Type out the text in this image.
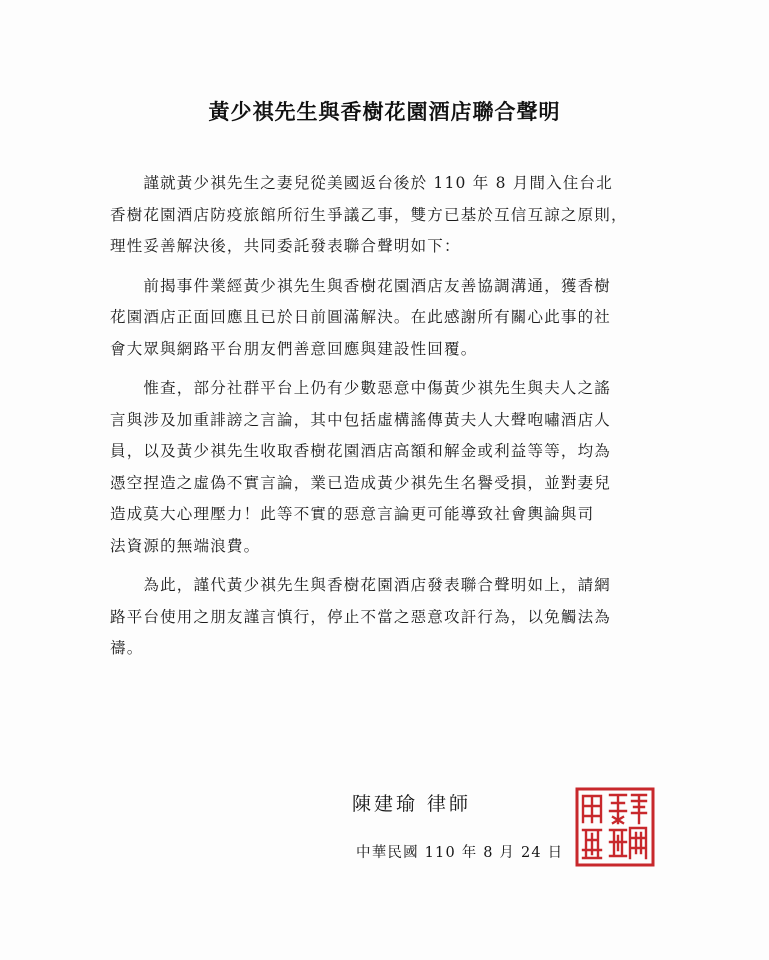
黃少祺先生與香樹花園酒店聯合聲明

　　謹就黃少祺先生之妻兒從美國返台後於 110 年 8 月間入住台北
香樹花園酒店防疫旅館所衍生爭議乙事，雙方已基於互信互諒之原則，
理性妥善解決後，共同委託發表聯合聲明如下：

　　前揭事件業經黃少祺先生與香樹花園酒店友善協調溝通，獲香樹
花園酒店正面回應且已於日前圓滿解決。在此感謝所有關心此事的社
會大眾與網路平台朋友們善意回應與建設性回覆。

　　惟查，部分社群平台上仍有少數惡意中傷黃少祺先生與夫人之謠
言與涉及加重誹謗之言論，其中包括虛構謠傳黃夫人大聲咆嘯酒店人
員，以及黃少祺先生收取香樹花園酒店高額和解金或利益等等，均為
憑空捏造之虛偽不實言論，業已造成黃少祺先生名譽受損，並對妻兒
造成莫大心理壓力！此等不實的惡意言論更可能導致社會輿論與司
法資源的無端浪費。

　　為此，謹代黃少祺先生與香樹花園酒店發表聯合聲明如上，請網
路平台使用之朋友謹言慎行，停止不當之惡意攻訐行為，以免觸法為
禱。

陳建瑜 律師
中華民國 110 年 8 月 24 日
